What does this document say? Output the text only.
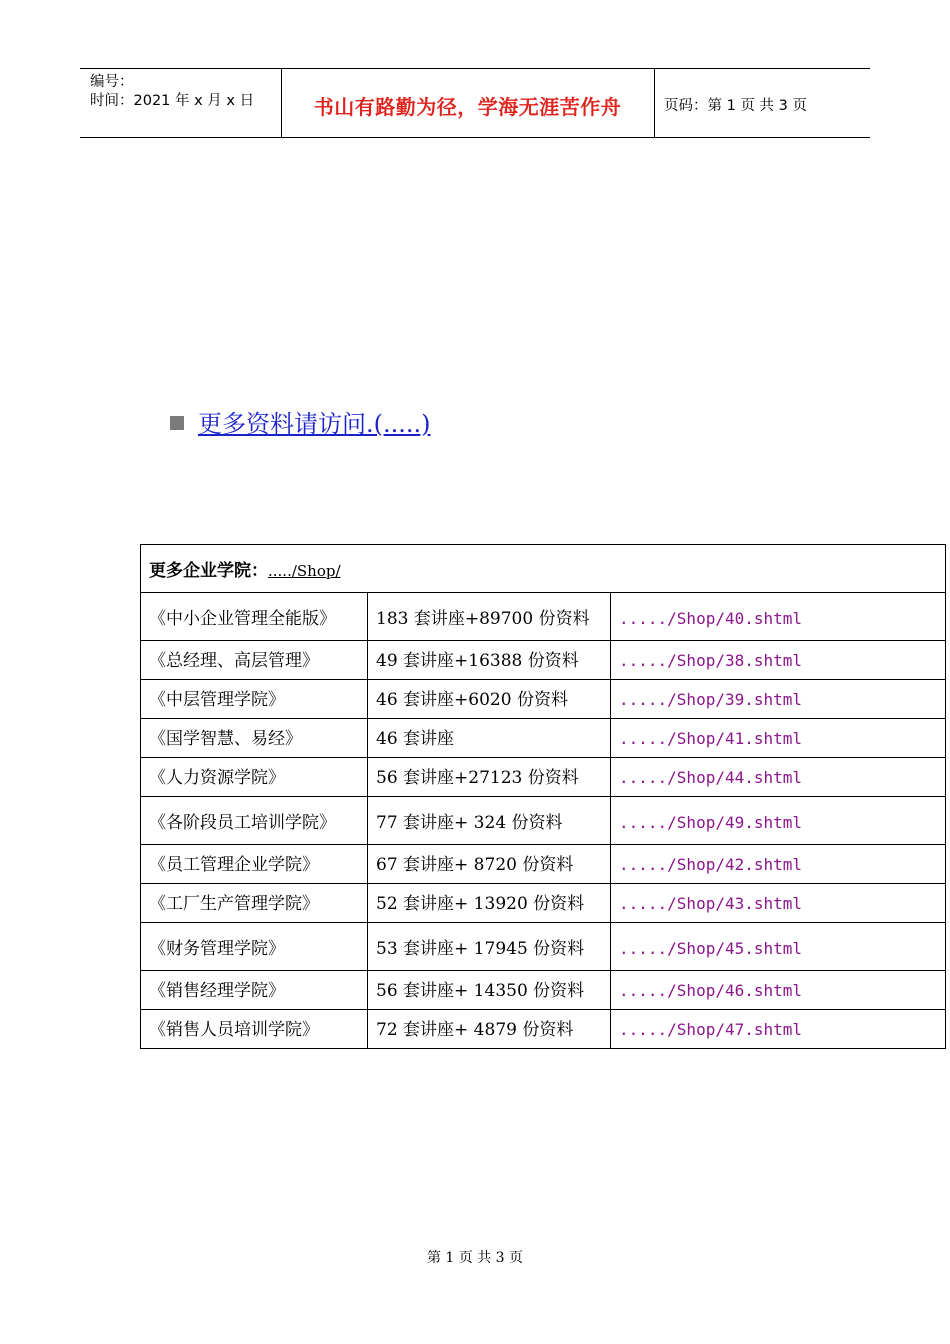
编号：
时间：2021 年 x 月 x 日	书山有路勤为径，学海无涯苦作舟	页码：第 1 页 共 3 页
更多资料请访问.(.....)
更多企业学院：...../Shop/		
《中小企业管理全能版》	183 套讲座+89700 份资料	...../Shop/40.shtml
《总经理、高层管理》	49 套讲座+16388 份资料	...../Shop/38.shtml
《中层管理学院》	46 套讲座+6020 份资料	...../Shop/39.shtml
《国学智慧、易经》	46 套讲座	...../Shop/41.shtml
《人力资源学院》	56 套讲座+27123 份资料	...../Shop/44.shtml
《各阶段员工培训学院》	77 套讲座+ 324 份资料	...../Shop/49.shtml
《员工管理企业学院》	67 套讲座+ 8720 份资料	...../Shop/42.shtml
《工厂生产管理学院》	52 套讲座+ 13920 份资料	...../Shop/43.shtml
《财务管理学院》	53 套讲座+ 17945 份资料	...../Shop/45.shtml
《销售经理学院》	56 套讲座+ 14350 份资料	...../Shop/46.shtml
《销售人员培训学院》	72 套讲座+ 4879 份资料	...../Shop/47.shtml
第 1 页 共 3 页
